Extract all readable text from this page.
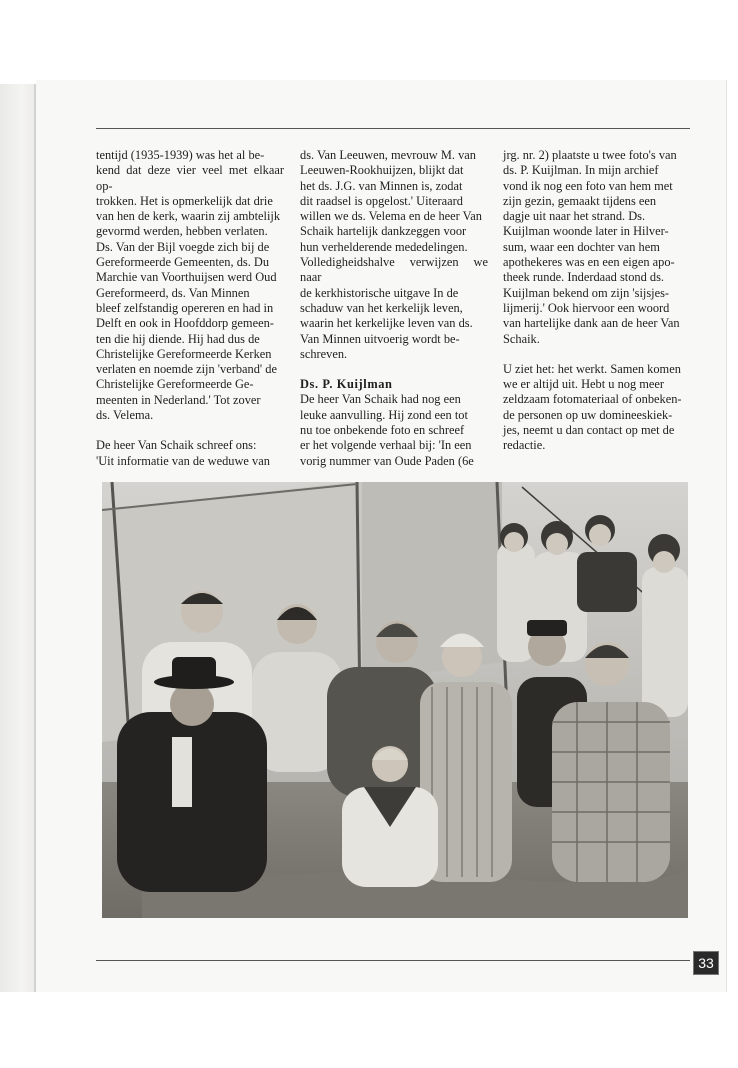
tentijd (1935-1939) was het al be-
kend dat deze vier veel met elkaar op-
trokken. Het is opmerkelijk dat drie
van hen de kerk, waarin zij ambtelijk
gevormd werden, hebben verlaten.
Ds. Van der Bijl voegde zich bij de
Gereformeerde Gemeenten, ds. Du
Marchie van Voorthuijsen werd Oud
Gereformeerd, ds. Van Minnen
bleef zelfstandig opereren en had in
Delft en ook in Hoofddorp gemeen-
ten die hij diende. Hij had dus de
Christelijke Gereformeerde Kerken
verlaten en noemde zijn 'verband' de
Christelijke Gereformeerde Ge-
meenten in Nederland.' Tot zover
ds. Velema.

De heer Van Schaik schreef ons:
'Uit informatie van de weduwe van

ds. Van Leeuwen, mevrouw M. van
Leeuwen-Rookhuijzen, blijkt dat
het ds. J.G. van Minnen is, zodat
dit raadsel is opgelost.' Uiteraard
willen we ds. Velema en de heer Van
Schaik hartelijk dankzeggen voor
hun verhelderende mededelingen.
Volledigheidshalve verwijzen we naar
de kerkhistorische uitgave In de
schaduw van het kerkelijk leven,
waarin het kerkelijke leven van ds.
Van Minnen uitvoerig wordt be-
schreven.

Ds. P. Kuijlman

De heer Van Schaik had nog een
leuke aanvulling. Hij zond een tot
nu toe onbekende foto en schreef
er het volgende verhaal bij: 'In een
vorig nummer van Oude Paden (6e

jrg. nr. 2) plaatste u twee foto's van
ds. P. Kuijlman. In mijn archief
vond ik nog een foto van hem met
zijn gezin, gemaakt tijdens een
dagje uit naar het strand. Ds.
Kuijlman woonde later in Hilver-
sum, waar een dochter van hem
apothekeres was en een eigen apo-
theek runde. Inderdaad stond ds.
Kuijlman bekend om zijn 'sijsjes-
lijmerij.' Ook hiervoor een woord
van hartelijke dank aan de heer Van
Schaik.

U ziet het: het werkt. Samen komen
we er altijd uit. Hebt u nog meer
zeldzaam fotomateriaal of onbeken-
de personen op uw domineeskiek-
jes, neemt u dan contact op met de
redactie.

33
